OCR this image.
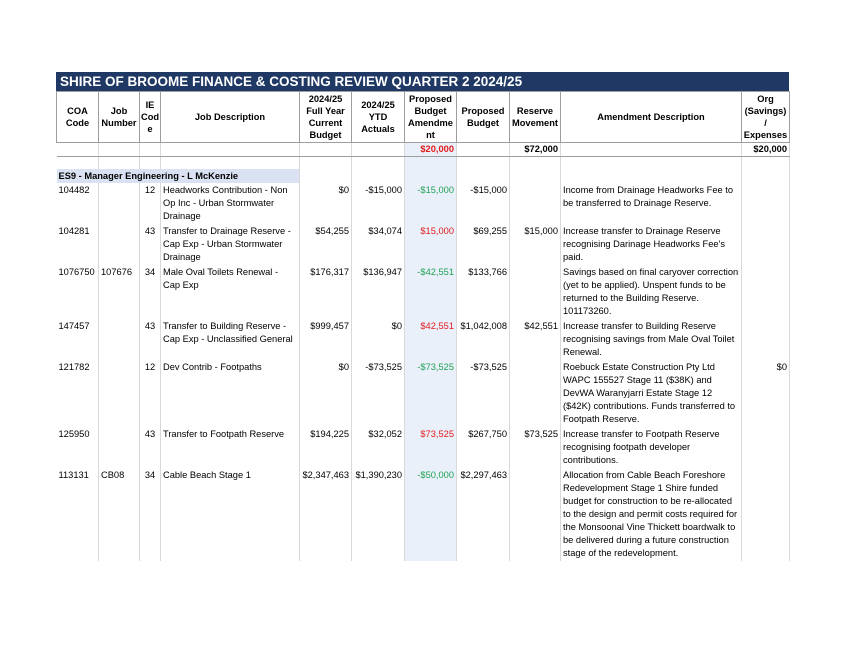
SHIRE OF BROOME FINANCE & COSTING REVIEW QUARTER 2 2024/25
COA Code	Job Number	IE Cod e	Job Description	2024/25 Full Year Current Budget	2024/25 YTD Actuals	Proposed Budget Amendme nt	Proposed Budget	Reserve Movement	Amendment Description	Org (Savings) / Expenses
						$20,000		$72,000		$20,000

ES9 - Manager Engineering - L McKenzie										
104482		12	Headworks Contribution - Non Op Inc - Urban Stormwater Drainage	$0	-$15,000	-$15,000	-$15,000		Income from Drainage Headworks Fee to be transferred to Drainage Reserve.	
104281		43	Transfer to Drainage Reserve - Cap Exp - Urban Stormwater Drainage	$54,255	$34,074	$15,000	$69,255	$15,000	Increase transfer to Drainage Reserve recognising Darinage Headworks Fee's paid.	
1076750	107676	34	Male Oval Toilets Renewal - Cap Exp	$176,317	$136,947	-$42,551	$133,766		Savings based on final caryover correction (yet to be applied). Unspent funds to be returned to the Building Reserve. 101173260.	
147457		43	Transfer to Building Reserve - Cap Exp - Unclassified General	$999,457	$0	$42,551	$1,042,008	$42,551	Increase transfer to Building Reserve recognising savings from Male Oval Toilet Renewal.	
121782		12	Dev Contrib - Footpaths	$0	-$73,525	-$73,525	-$73,525		Roebuck Estate Construction Pty Ltd WAPC 155527 Stage 11 ($38K) and DevWA Waranyjarri Estate Stage 12 ($42K) contributions. Funds transferred to Footpath Reserve.	$0
125950		43	Transfer to Footpath Reserve	$194,225	$32,052	$73,525	$267,750	$73,525	Increase transfer to Footpath Reserve recognising footpath developer contributions.	
113131	CB08	34	Cable Beach Stage 1	$2,347,463	$1,390,230	-$50,000	$2,297,463		Allocation from Cable Beach Foreshore Redevelopment Stage 1 Shire funded budget for construction to be re-allocated to the design and permit costs required for the Monsoonal Vine Thickett boardwalk to be delivered during a future construction stage of the redevelopment.	
